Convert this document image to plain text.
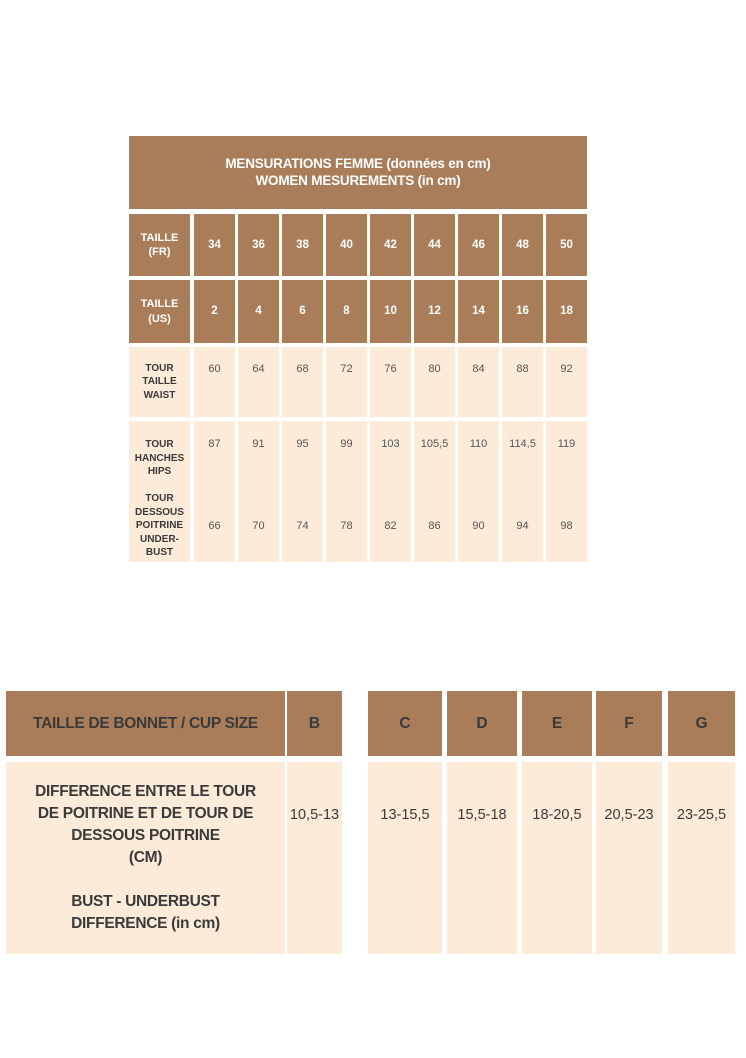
MENSURATIONS FEMME (données en cm)
WOMEN MESUREMENTS (in cm)
TAILLE
(FR)
34	36	38	40	42	44	46	48	50
TAILLE
(US)
2	4	6	8	10	12	14	16	18
TOUR
TAILLE
WAIST
60	64	68	72	76	80	84	88	92
TOUR
HANCHES
HIPS
87	91	95	99	103	105,5	110	114,5	119
TOUR
DESSOUS
POITRINE
UNDER-
BUST
66	70	74	78	82	86	90	94	98
TAILLE DE BONNET / CUP SIZE	B	C	D	E	F	G
DIFFERENCE ENTRE LE TOUR
DE POITRINE ET DE TOUR DE
DESSOUS POITRINE
(CM)
BUST - UNDERBUST
DIFFERENCE (in cm)
10,5-13	13-15,5	15,5-18	18-20,5	20,5-23	23-25,5
